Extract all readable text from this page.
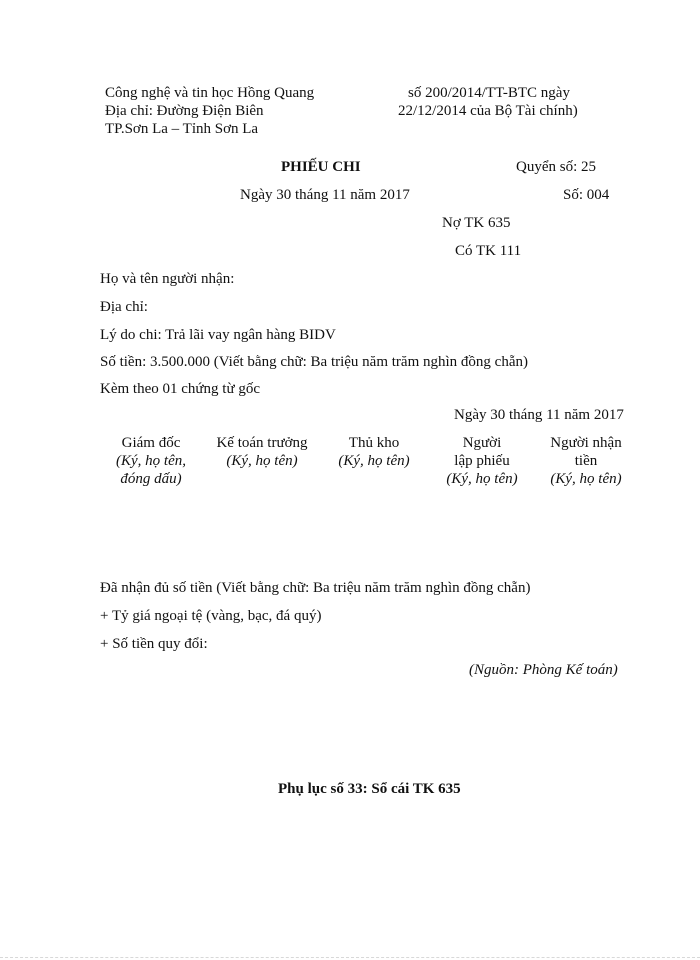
Công nghệ và tin học Hồng Quang
Địa chỉ: Đường Điện Biên
TP.Sơn La – Tỉnh Sơn La
số 200/2014/TT-BTC ngày
22/12/2014 của Bộ Tài chính)
PHIẾU CHI	Quyển số: 25
Ngày 30 tháng 11 năm 2017	Số: 004
Nợ TK 635
Có TK 111
Họ và tên người nhận:
Địa chỉ:
Lý do chi: Trả lãi vay ngân hàng BIDV
Số tiền: 3.500.000 (Viết bằng chữ: Ba triệu năm trăm nghìn đồng chẵn)
Kèm theo 01 chứng từ gốc
Ngày 30 tháng 11 năm 2017
Giám đốc
(Ký, họ tên, đóng dấu)
Kế toán trưởng
(Ký, họ tên)
Thủ kho
(Ký, họ tên)
Người lập phiếu
(Ký, họ tên)
Người nhận tiền
(Ký, họ tên)
Đã nhận đủ số tiền (Viết bằng chữ: Ba triệu năm trăm nghìn đồng chẵn)
+ Tỷ giá ngoại tệ (vàng, bạc, đá quý)
+ Số tiền quy đổi:
(Nguồn: Phòng Kế toán)
Phụ lục số 33: Sổ cái TK 635
